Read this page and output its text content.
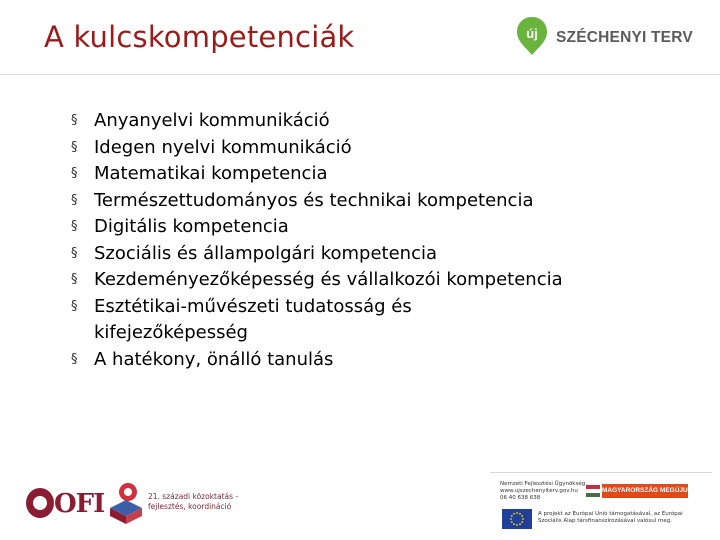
A kulcskompetenciák	új SZÉCHENYI TERV
§ Anyanyelvi kommunikáció
§ Idegen nyelvi kommunikáció
§ Matematikai kompetencia
§ Természettudományos és technikai kompetencia
§ Digitális kompetencia
§ Szociális és állampolgári kompetencia
§ Kezdeményezőképesség és vállalkozói kompetencia
§ Esztétikai-művészeti tudatosság és kifejezőképesség
§ A hatékony, önálló tanulás
OFI	21. századi közoktatás -
fejlesztés, koordináció
Nemzeti Fejlesztési Ügynökség
www.ujszechenyiterv.gov.hu
06 40 638 638
MAGYARORSZÁG MEGÚJUL
A projekt az Európai Unió támogatásával, az Európai
Szociális Alap társfinanszírozásával valósul meg.
